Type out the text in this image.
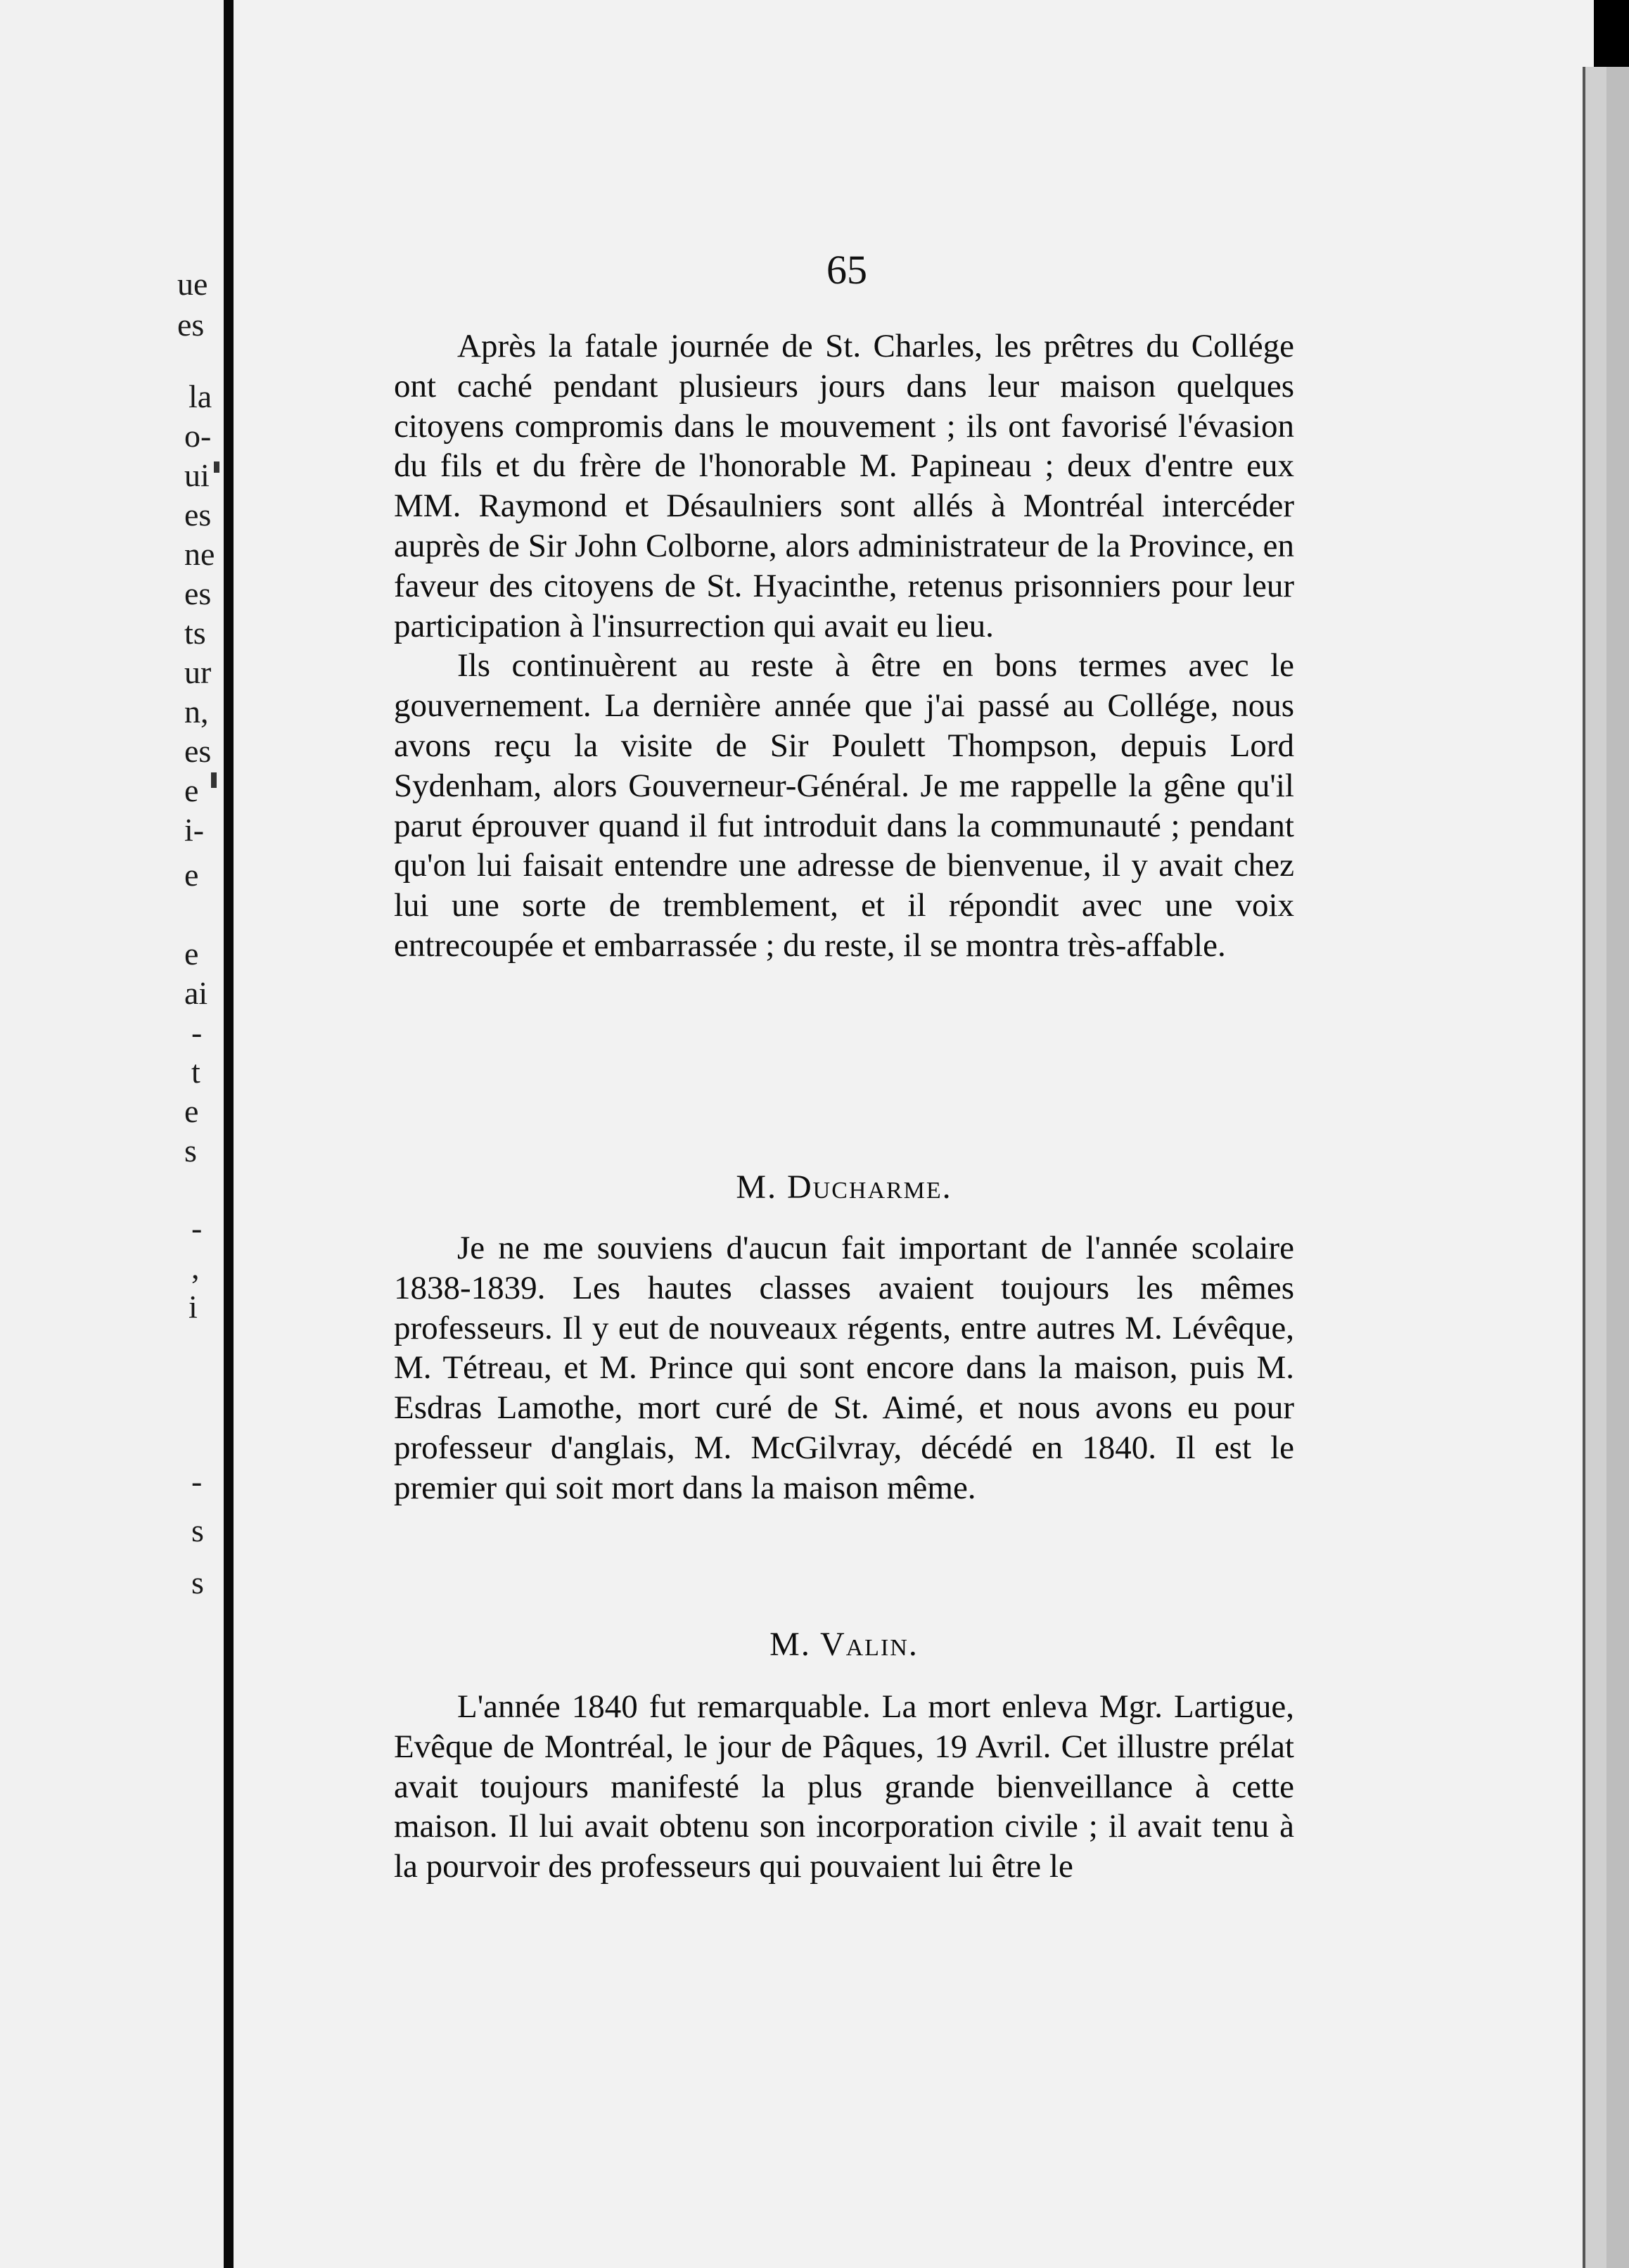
ue
es
la
o-
ui
es
ne
es
ts
ur
n,
es
e
i-
e
e
ai
-
t
e
s
-
,
i
-
s
s
65

Après la fatale journée de St. Charles, les prêtres du Collége ont caché pendant plusieurs jours dans leur maison quelques citoyens compromis dans le mouvement ; ils ont favorisé l'évasion du fils et du frère de l'honorable M. Papineau ; deux d'entre eux MM. Raymond et Désaulniers sont allés à Montréal intercéder auprès de Sir John Colborne, alors administrateur de la Province, en faveur des citoyens de St. Hyacinthe, retenus prisonniers pour leur participation à l'insurrection qui avait eu lieu.

Ils continuèrent au reste à être en bons termes avec le gouvernement. La dernière année que j'ai passé au Collége, nous avons reçu la visite de Sir Poulett Thompson, depuis Lord Sydenham, alors Gouverneur-Général. Je me rappelle la gêne qu'il parut éprouver quand il fut introduit dans la communauté ; pendant qu'on lui faisait entendre une adresse de bienvenue, il y avait chez lui une sorte de tremblement, et il répondit avec une voix entrecoupée et embarrassée ; du reste, il se montra très-affable.

M. Ducharme.

Je ne me souviens d'aucun fait important de l'année scolaire 1838-1839. Les hautes classes avaient toujours les mêmes professeurs. Il y eut de nouveaux régents, entre autres M. Lévêque, M. Tétreau, et M. Prince qui sont encore dans la maison, puis M. Esdras Lamothe, mort curé de St. Aimé, et nous avons eu pour professeur d'anglais, M. McGilvray, décédé en 1840. Il est le premier qui soit mort dans la maison même.

M. Valin.

L'année 1840 fut remarquable. La mort enleva Mgr. Lartigue, Evêque de Montréal, le jour de Pâques, 19 Avril. Cet illustre prélat avait toujours manifesté la plus grande bienveillance à cette maison. Il lui avait obtenu son incorporation civile ; il avait tenu à la pourvoir des professeurs qui pouvaient lui être le
